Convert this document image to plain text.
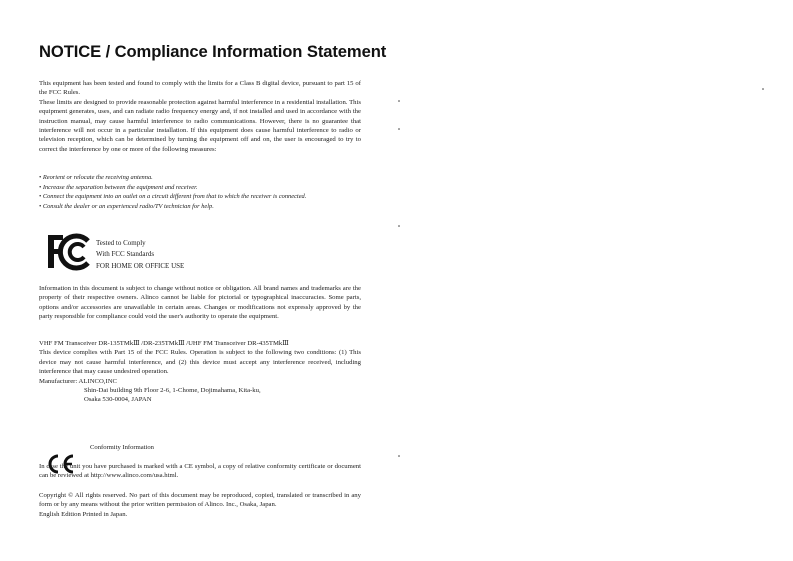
NOTICE / Compliance Information Statement

This equipment has been tested and found to comply with the limits for a Class B digital device, pursuant to part 15 of the FCC Rules.

These limits are designed to provide reasonable protection against harmful interference in a residential installation. This equipment generates, uses, and can radiate radio frequency energy and, if not installed and used in accordance with the instruction manual, may cause harmful interference to radio communications. However, there is no guarantee that interference will not occur in a particular installation. If this equipment does cause harmful interference to radio or television reception, which can be determined by turning the equipment off and on, the user is encouraged to try to correct the interference by one or more of the following measures:

• Reorient or relocate the receiving antenna.
• Increase the separation between the equipment and receiver.
• Connect the equipment into an outlet on a circuit different from that to which the receiver is connected.
• Consult the dealer or an experienced radio/TV technician for help.
Tested to Comply
With FCC Standards
FOR HOME OR OFFICE USE

Information in this document is subject to change without notice or obligation. All brand names and trademarks are the property of their respective owners. Alinco cannot be liable for pictorial or typographical inaccuracies. Some parts, options and/or accessories are unavailable in certain areas. Changes or modifications not expressly approved by the party responsible for compliance could void the user's authority to operate the equipment.

VHF FM Transceiver DR-135TMkⅢ /DR-235TMkⅢ /UHF FM Transceiver DR-435TMkⅢ

This device complies with Part 15 of the FCC Rules. Operation is subject to the following two conditions: (1) This device may not cause harmful interference, and (2) this device must accept any interference received, including interference that may cause undesired operation.

Manufacturer: ALINCO,INC

Shin-Dai building 9th Floor 2-6, 1-Chome, Dojimahama, Kita-ku,

Osaka 530-0004, JAPAN

Conformity Information

In case the unit you have purchased is marked with a CE symbol, a copy of relative conformity certificate or document can be reviewed at http://www.alinco.com/usa.html.

Copyright © All rights reserved. No part of this document may be reproduced, copied, translated or transcribed in any form or by any means without the prior written permission of Alinco. Inc., Osaka, Japan.

English Edition Printed in Japan.
